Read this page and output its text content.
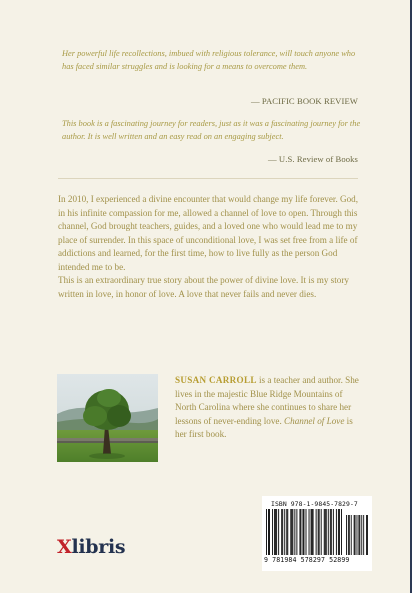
Her powerful life recollections, imbued with religious tolerance, will touch anyone who has faced similar struggles and is looking for a means to overcome them.
— PACIFIC BOOK REVIEW
This book is a fascinating journey for readers, just as it was a fascinating journey for the author. It is well written and an easy read on an engaging subject.
— U.S. Review of Books

In 2010, I experienced a divine encounter that would change my life forever. God, in his infinite compassion for me, allowed a channel of love to open. Through this channel, God brought teachers, guides, and a loved one who would lead me to my place of surrender. In this space of unconditional love, I was set free from a life of addictions and learned, for the first time, how to live fully as the person God intended me to be.

This is an extraordinary true story about the power of divine love. It is my story written in love, in honor of love. A love that never fails and never dies.

SUSAN CARROLL is a teacher and author. She lives in the majestic Blue Ridge Mountains of North Carolina where she continues to share her lessons of never-ending love. Channel of Love is her first book.

Xlibris
ISBN 978-1-9845-7829-7
9 781984 578297 52899
